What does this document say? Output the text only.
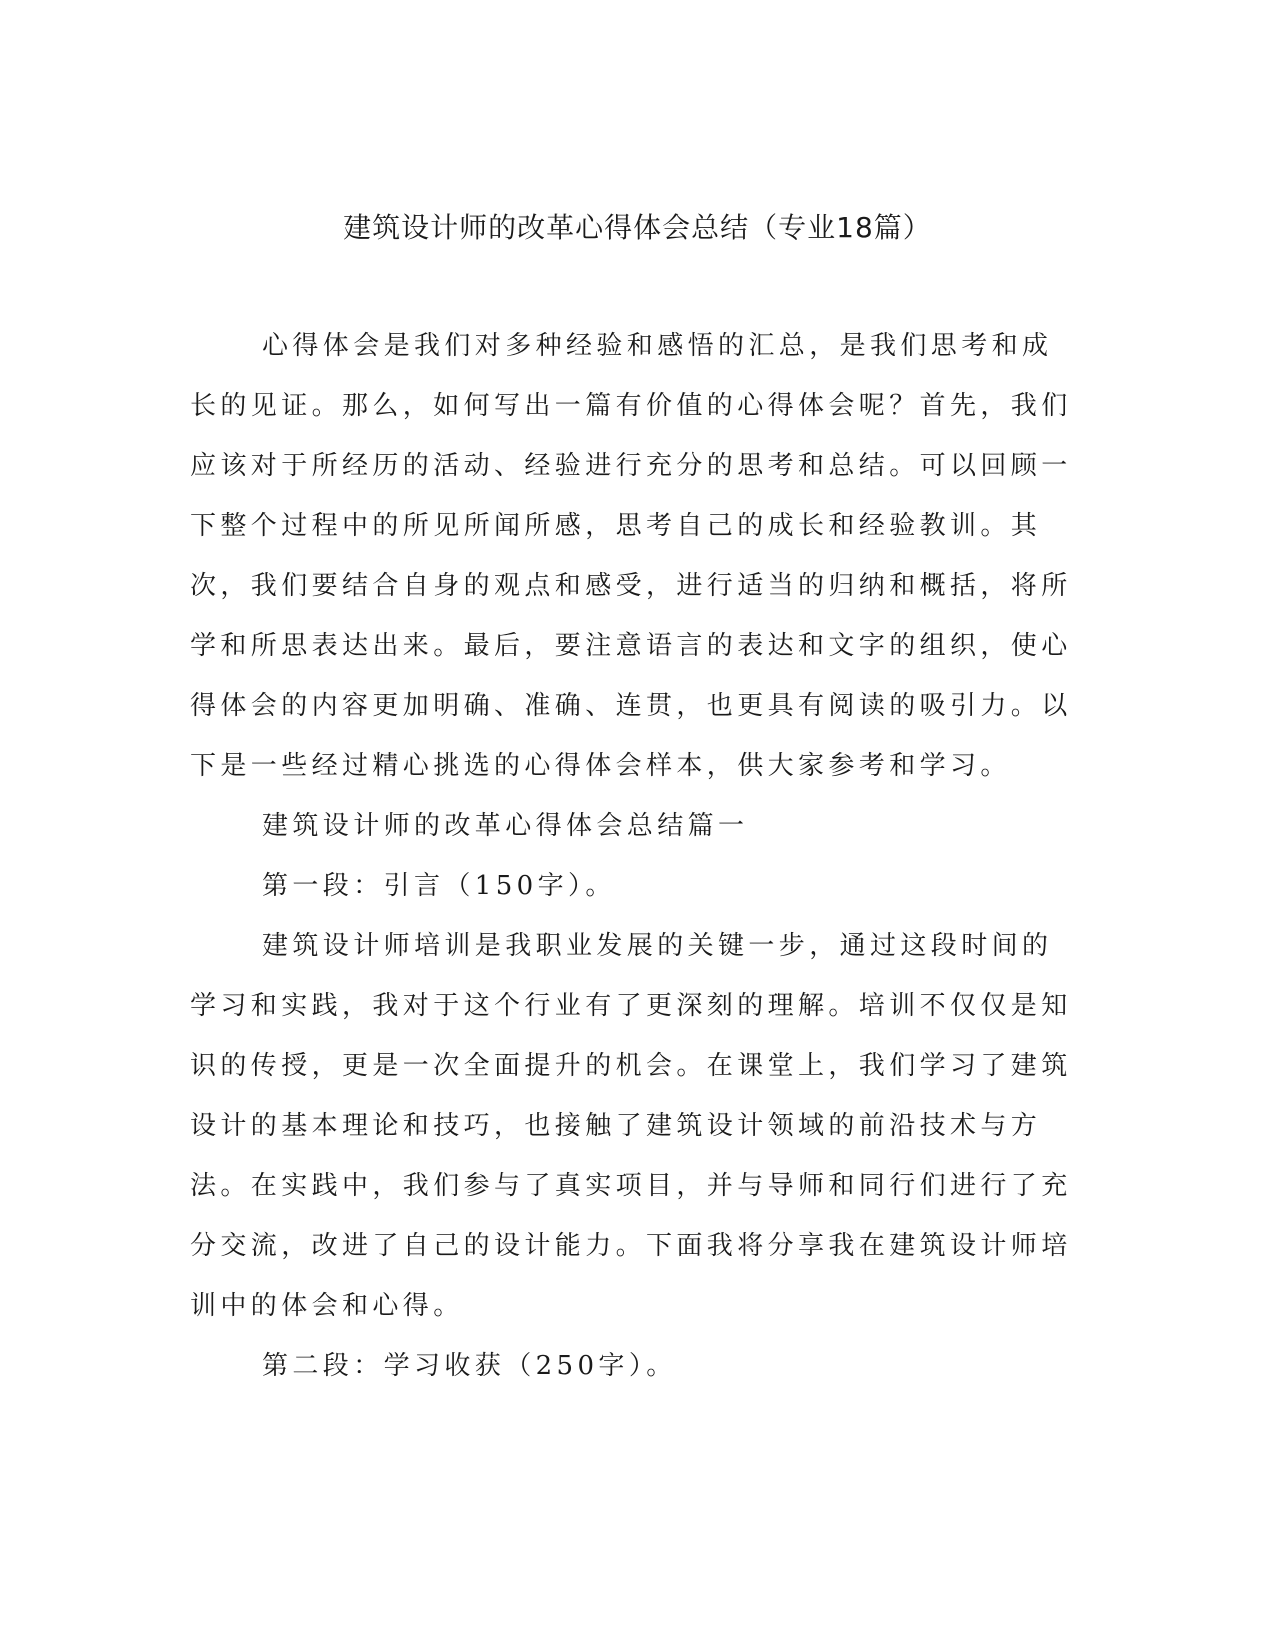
建筑设计师的改革心得体会总结（专业18篇）

心得体会是我们对多种经验和感悟的汇总，是我们思考和成长的见证。那么，如何写出一篇有价值的心得体会呢？首先，我们应该对于所经历的活动、经验进行充分的思考和总结。可以回顾一下整个过程中的所见所闻所感，思考自己的成长和经验教训。其次，我们要结合自身的观点和感受，进行适当的归纳和概括，将所学和所思表达出来。最后，要注意语言的表达和文字的组织，使心得体会的内容更加明确、准确、连贯，也更具有阅读的吸引力。以下是一些经过精心挑选的心得体会样本，供大家参考和学习。

建筑设计师的改革心得体会总结篇一

第一段：引言（150字）。

建筑设计师培训是我职业发展的关键一步，通过这段时间的学习和实践，我对于这个行业有了更深刻的理解。培训不仅仅是知识的传授，更是一次全面提升的机会。在课堂上，我们学习了建筑设计的基本理论和技巧，也接触了建筑设计领域的前沿技术与方法。在实践中，我们参与了真实项目，并与导师和同行们进行了充分交流，改进了自己的设计能力。下面我将分享我在建筑设计师培训中的体会和心得。

第二段：学习收获（250字）。
